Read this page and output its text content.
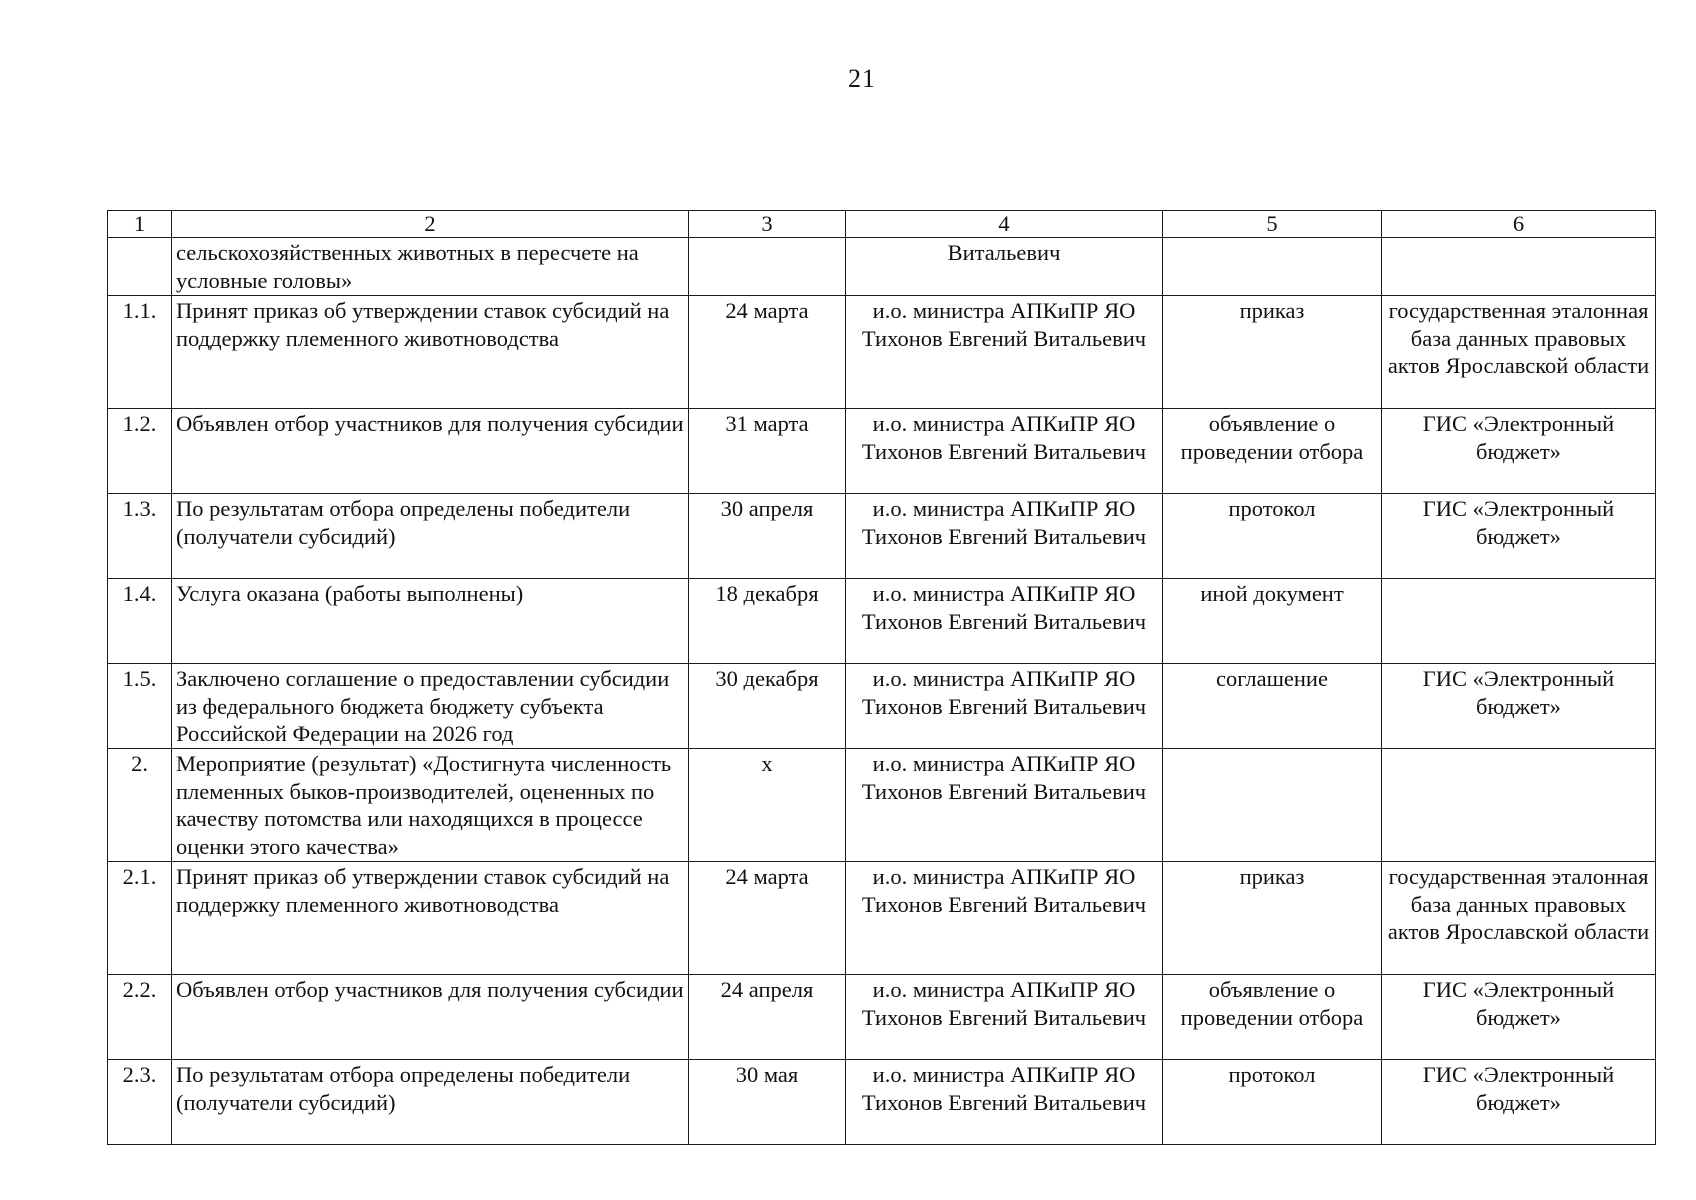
21
1	2	3	4	5	6
	сельскохозяйственных животных в пересчете на условные головы»		Витальевич		
1.1.	Принят приказ об утверждении ставок субсидий на поддержку племенного животноводства	24 марта	и.о. министра АПКиПР ЯО Тихонов Евгений Витальевич	приказ	государственная эталонная база данных правовых актов Ярославской области
1.2.	Объявлен отбор участников для получения субсидии	31 марта	и.о. министра АПКиПР ЯО Тихонов Евгений Витальевич	объявление о проведении отбора	ГИС «Электронный бюджет»
1.3.	По результатам отбора определены победители (получатели субсидий)	30 апреля	и.о. министра АПКиПР ЯО Тихонов Евгений Витальевич	протокол	ГИС «Электронный бюджет»
1.4.	Услуга оказана (работы выполнены)	18 декабря	и.о. министра АПКиПР ЯО Тихонов Евгений Витальевич	иной документ	
1.5.	Заключено соглашение о предоставлении субсидии из федерального бюджета бюджету субъекта Российской Федерации на 2026 год	30 декабря	и.о. министра АПКиПР ЯО Тихонов Евгений Витальевич	соглашение	ГИС «Электронный бюджет»
2.	Мероприятие (результат) «Достигнута численность племенных быков-производителей, оцененных по качеству потомства или находящихся в процессе оценки этого качества»	x	и.о. министра АПКиПР ЯО Тихонов Евгений Витальевич		
2.1.	Принят приказ об утверждении ставок субсидий на поддержку племенного животноводства	24 марта	и.о. министра АПКиПР ЯО Тихонов Евгений Витальевич	приказ	государственная эталонная база данных правовых актов Ярославской области
2.2.	Объявлен отбор участников для получения субсидии	24 апреля	и.о. министра АПКиПР ЯО Тихонов Евгений Витальевич	объявление о проведении отбора	ГИС «Электронный бюджет»
2.3.	По результатам отбора определены победители (получатели субсидий)	30 мая	и.о. министра АПКиПР ЯО Тихонов Евгений Витальевич	протокол	ГИС «Электронный бюджет»
